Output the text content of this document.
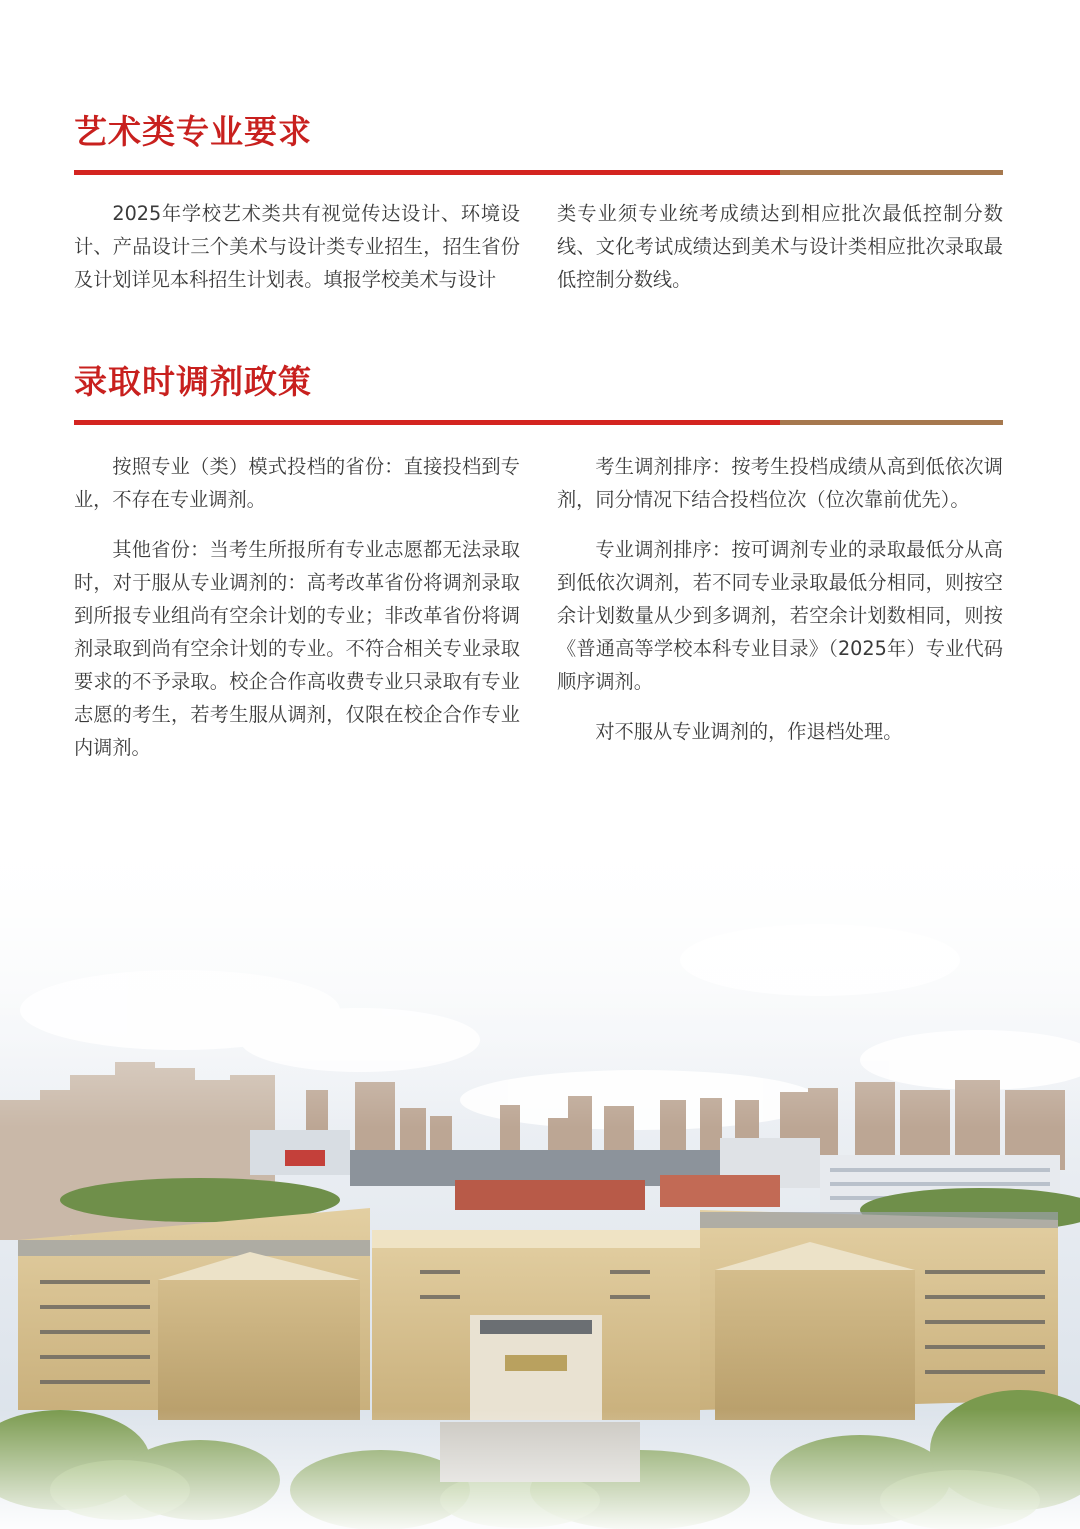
艺术类专业要求

2025年学校艺术类共有视觉传达设计、环境设计、产品设计三个美术与设计类专业招生，招生省份及计划详见本科招生计划表。填报学校美术与设计

类专业须专业统考成绩达到相应批次最低控制分数线、文化考试成绩达到美术与设计类相应批次录取最低控制分数线。

录取时调剂政策

按照专业（类）模式投档的省份：直接投档到专业，不存在专业调剂。

其他省份：当考生所报所有专业志愿都无法录取时，对于服从专业调剂的：高考改革省份将调剂录取到所报专业组尚有空余计划的专业；非改革省份将调剂录取到尚有空余计划的专业。不符合相关专业录取要求的不予录取。校企合作高收费专业只录取有专业志愿的考生，若考生服从调剂，仅限在校企合作专业内调剂。

考生调剂排序：按考生投档成绩从高到低依次调剂，同分情况下结合投档位次（位次靠前优先）。

专业调剂排序：按可调剂专业的录取最低分从高到低依次调剂，若不同专业录取最低分相同，则按空余计划数量从少到多调剂，若空余计划数相同，则按《普通高等学校本科专业目录》（2025年）专业代码顺序调剂。

对不服从专业调剂的，作退档处理。
